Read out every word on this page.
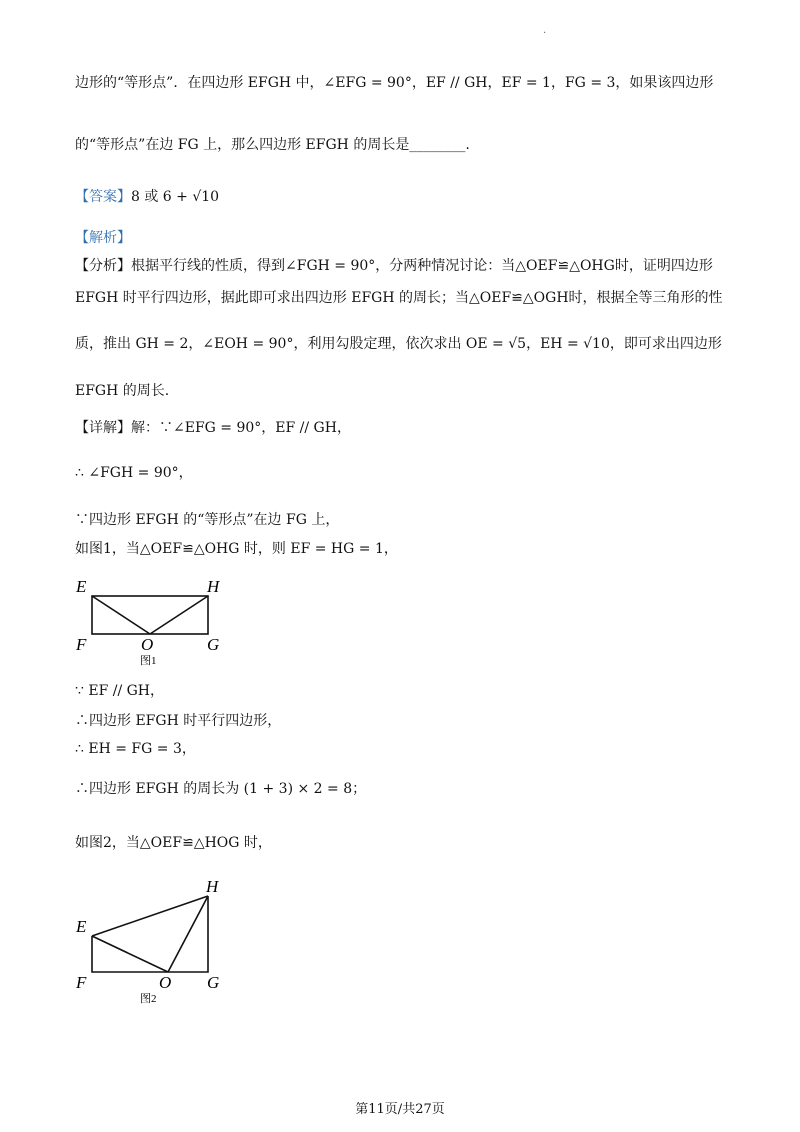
·
边形的“等形点”．在四边形 EFGH 中，∠EFG = 90°，EF // GH，EF = 1，FG = 3，如果该四边形
的“等形点”在边 FG 上，那么四边形 EFGH 的周长是________.
【答案】8 或 6 + √10
【解析】
【分析】根据平行线的性质，得到∠FGH = 90°，分两种情况讨论：当△OEF≌△OHG时，证明四边形
EFGH 时平行四边形，据此即可求出四边形 EFGH 的周长；当△OEF≌△OGH时，根据全等三角形的性
质，推出 GH = 2，∠EOH = 90°，利用勾股定理，依次求出 OE = √5，EH = √10，即可求出四边形
EFGH 的周长.
【详解】解：∵∠EFG = 90°，EF // GH，
∴ ∠FGH = 90°，
∵四边形 EFGH 的“等形点”在边 FG 上，
如图1，当△OEF≌△OHG 时，则 EF = HG = 1，
E	H
F	O	G
图1
∵ EF // GH，
∴四边形 EFGH 时平行四边形，
∴ EH = FG = 3，
∴四边形 EFGH 的周长为 (1 + 3) × 2 = 8；
如图2，当△OEF≌△HOG 时，
H
E
F	O G
图2
第11页/共27页
